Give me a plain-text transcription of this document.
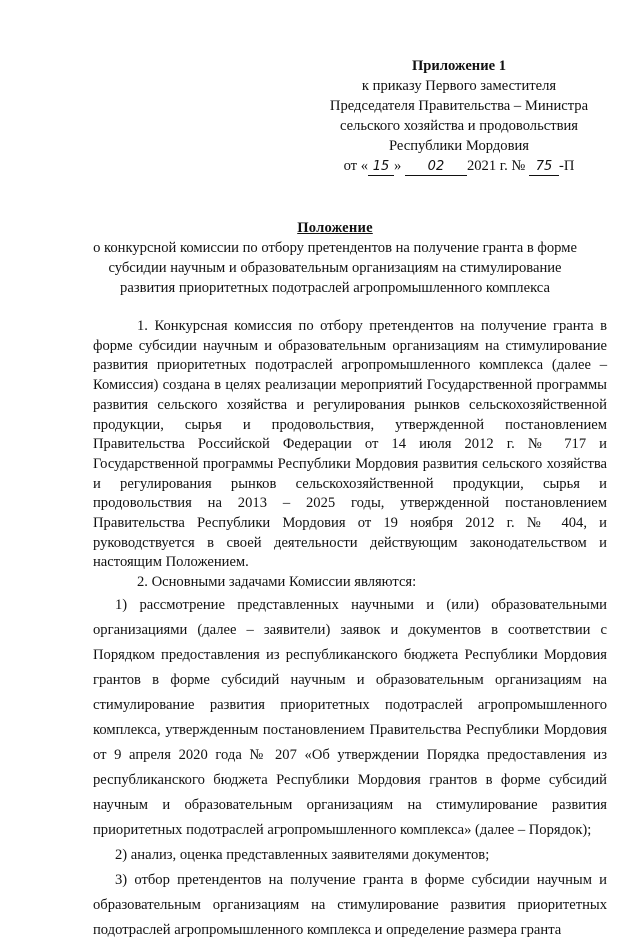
Приложение 1
к приказу Первого заместителя
Председателя Правительства – Министра
сельского хозяйства и продовольствия
Республики Мордовия
от « 15 » 02 2021 г. № 75 -П
Положение
о конкурсной комиссии по отбору претендентов на получение гранта в форме
субсидии научным и образовательным организациям на стимулирование
развития приоритетных подотраслей агропромышленного комплекса

1. Конкурсная комиссия по отбору претендентов на получение гранта в форме субсидии научным и образовательным организациям на стимулирование развития приоритетных подотраслей агропромышленного комплекса (далее – Комиссия) создана в целях реализации мероприятий Государственной программы развития сельского хозяйства и регулирования рынков сельскохозяйственной продукции, сырья и продовольствия, утвержденной постановлением Правительства Российской Федерации от 14 июля 2012 г. № 717 и Государственной программы Республики Мордовия развития сельского хозяйства и регулирования рынков сельскохозяйственной продукции, сырья и продовольствия на 2013 – 2025 годы, утвержденной постановлением Правительства Республики Мордовия от 19 ноября 2012 г. № 404, и руководствуется в своей деятельности действующим законодательством и настоящим Положением.

2. Основными задачами Комиссии являются:

1) рассмотрение представленных научными и (или) образовательными организациями (далее – заявители) заявок и документов в соответствии с Порядком предоставления из республиканского бюджета Республики Мордовия грантов в форме субсидий научным и образовательным организациям на стимулирование развития приоритетных подотраслей агропромышленного комплекса, утвержденным постановлением Правительства Республики Мордовия от 9 апреля 2020 года № 207 «Об утверждении Порядка предоставления из республиканского бюджета Республики Мордовия грантов в форме субсидий научным и образовательным организациям на стимулирование развития приоритетных подотраслей агропромышленного комплекса» (далее – Порядок);

2) анализ, оценка представленных заявителями документов;

3) отбор претендентов на получение гранта в форме субсидии научным и образовательным организациям на стимулирование развития приоритетных подотраслей агропромышленного комплекса и определение размера гранта
